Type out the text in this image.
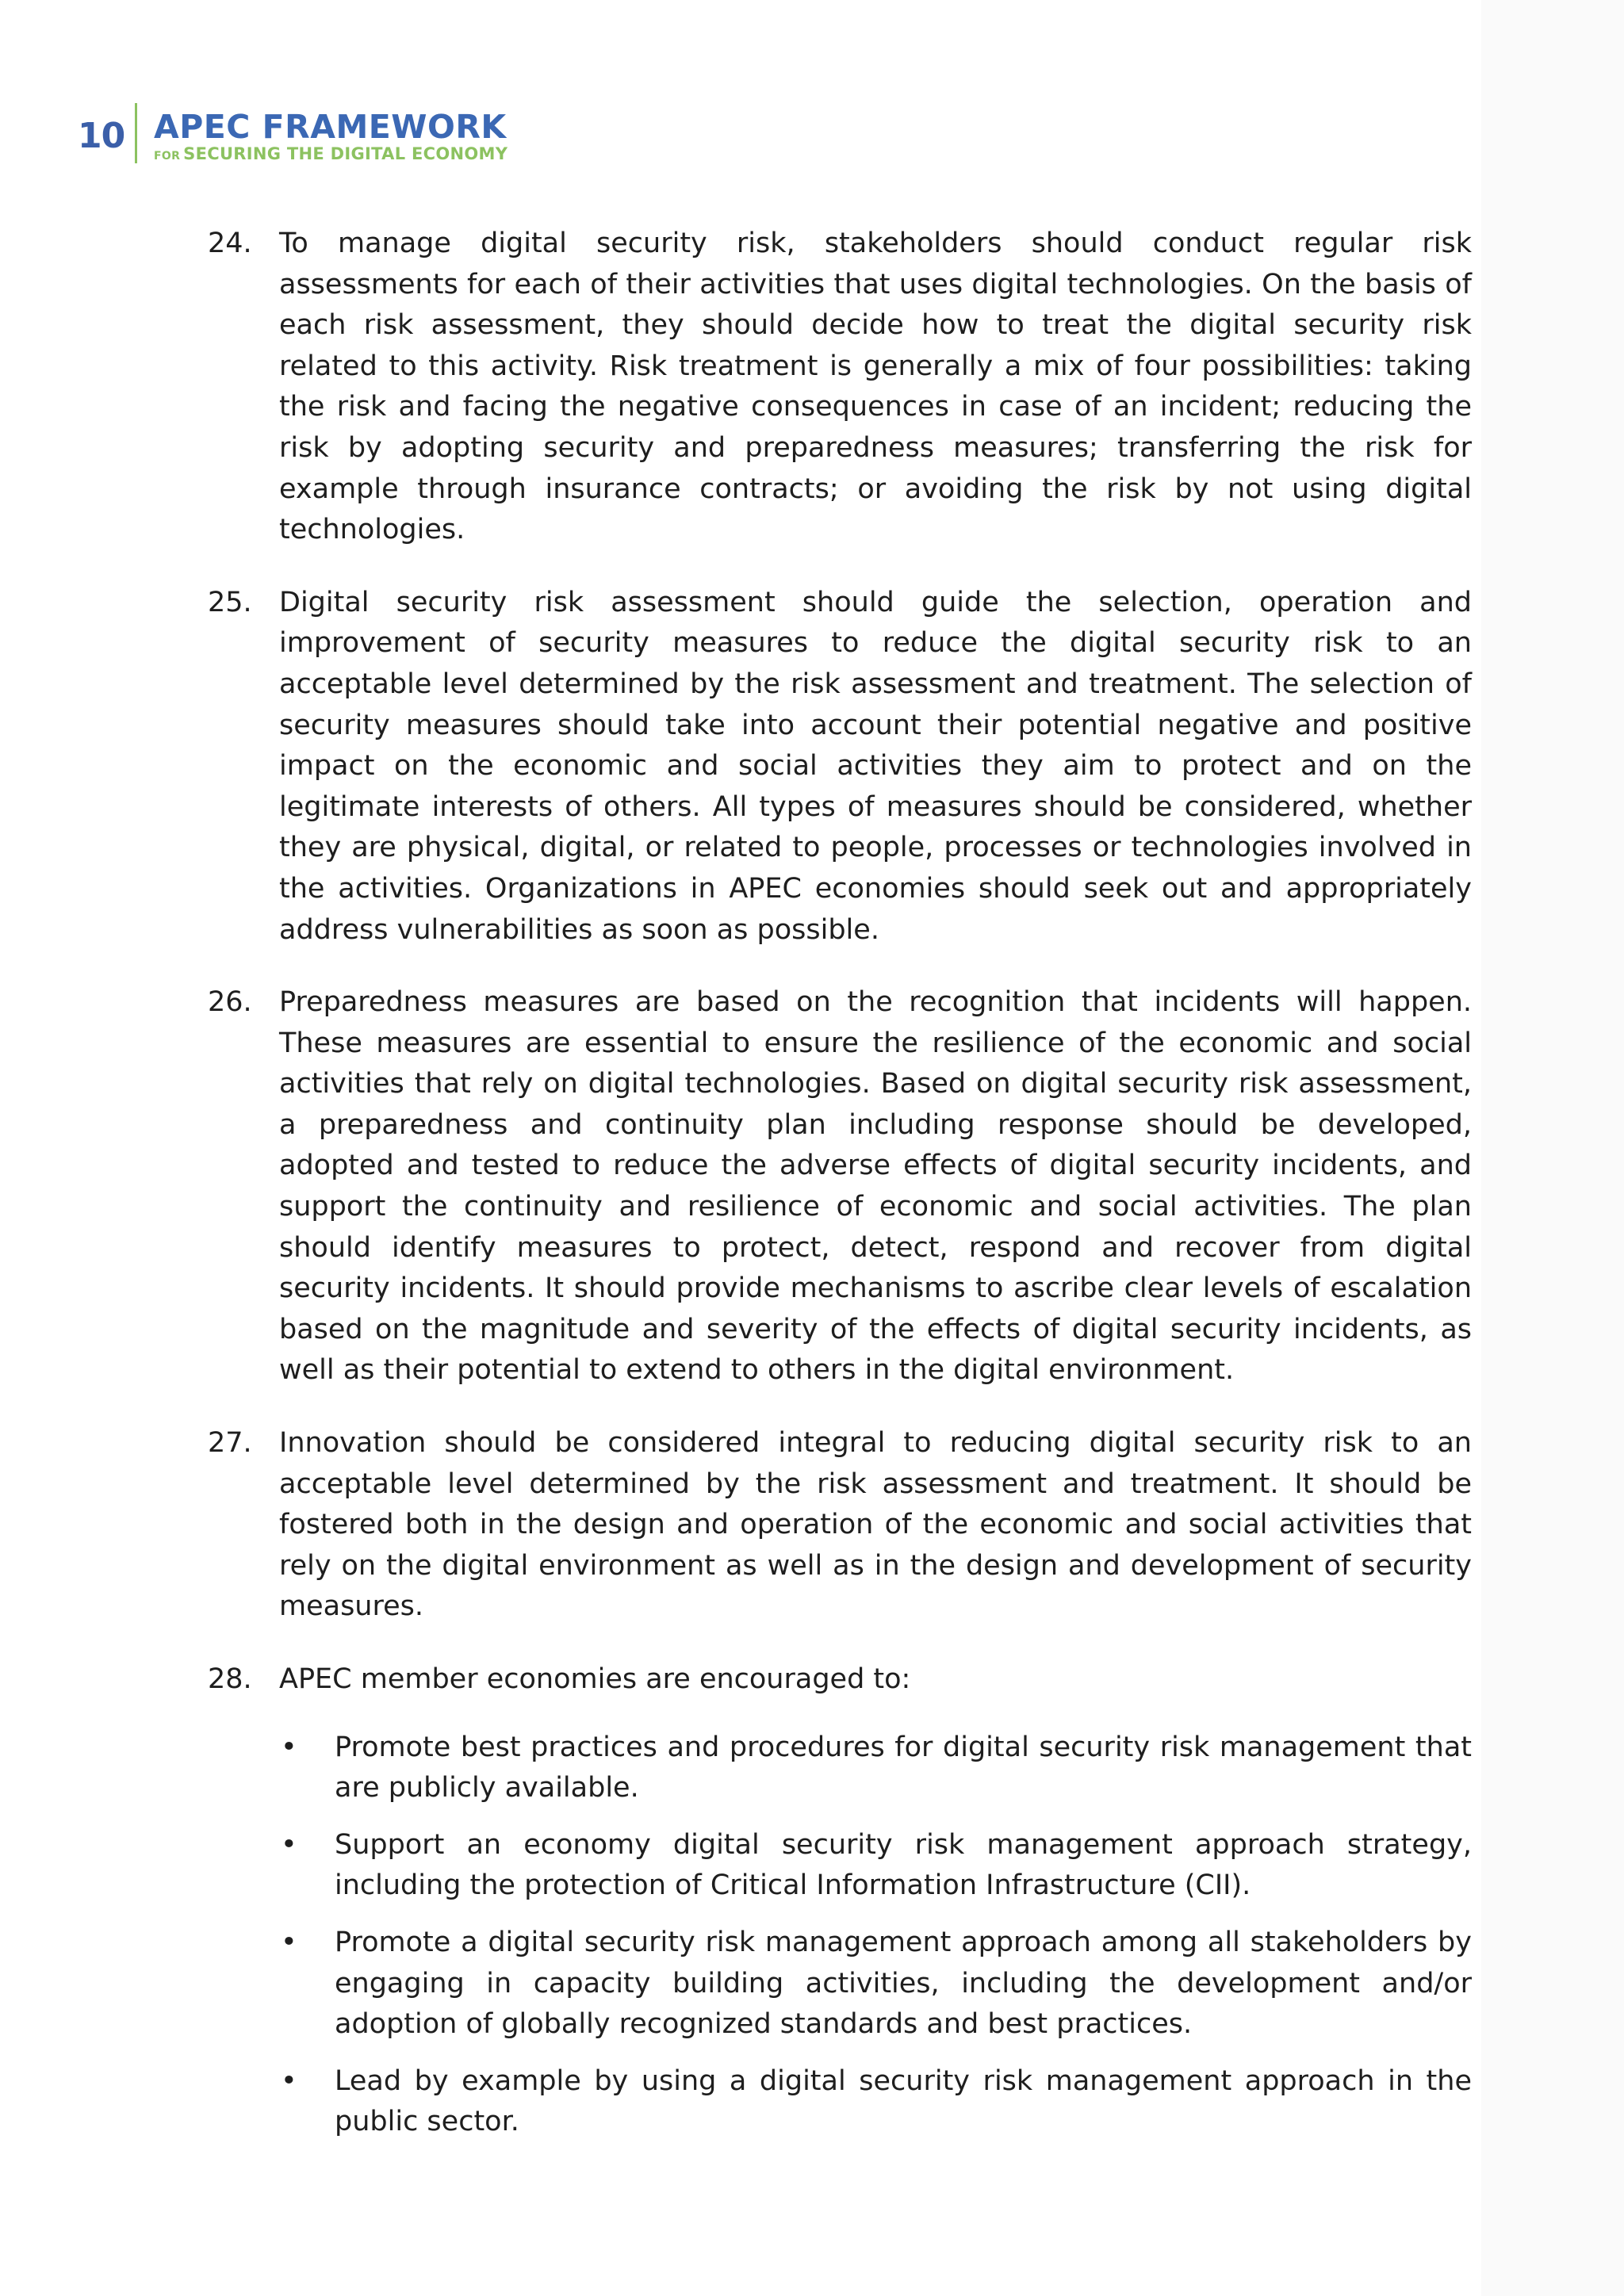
10 APEC FRAMEWORK
FOR SECURING THE DIGITAL ECONOMY
24. To manage digital security risk, stakeholders should conduct regular risk assessments for each of their activities that uses digital technologies. On the basis of each risk assessment, they should decide how to treat the digital security risk related to this activity. Risk treatment is generally a mix of four possibilities: taking the risk and facing the negative consequences in case of an incident; reducing the risk by adopting security and preparedness measures; transferring the risk for example through insurance contracts; or avoiding the risk by not using digital technologies.
25. Digital security risk assessment should guide the selection, operation and improvement of security measures to reduce the digital security risk to an acceptable level determined by the risk assessment and treatment. The selection of security measures should take into account their potential negative and positive impact on the economic and social activities they aim to protect and on the legitimate interests of others. All types of measures should be considered, whether they are physical, digital, or related to people, processes or technologies involved in the activities. Organizations in APEC economies should seek out and appropriately address vulnerabilities as soon as possible.
26. Preparedness measures are based on the recognition that incidents will happen. These measures are essential to ensure the resilience of the economic and social activities that rely on digital technologies. Based on digital security risk assessment, a preparedness and continuity plan including response should be developed, adopted and tested to reduce the adverse effects of digital security incidents, and support the continuity and resilience of economic and social activities. The plan should identify measures to protect, detect, respond and recover from digital security incidents. It should provide mechanisms to ascribe clear levels of escalation based on the magnitude and severity of the effects of digital security incidents, as well as their potential to extend to others in the digital environment.
27. Innovation should be considered integral to reducing digital security risk to an acceptable level determined by the risk assessment and treatment. It should be fostered both in the design and operation of the economic and social activities that rely on the digital environment as well as in the design and development of security measures.
28. APEC member economies are encouraged to:
•	Promote best practices and procedures for digital security risk management that are publicly available.
•	Support an economy digital security risk management approach strategy, including the protection of Critical Information Infrastructure (CII).
•	Promote a digital security risk management approach among all stakeholders by engaging in capacity building activities, including the development and/or adoption of globally recognized standards and best practices.
•	Lead by example by using a digital security risk management approach in the public sector.
